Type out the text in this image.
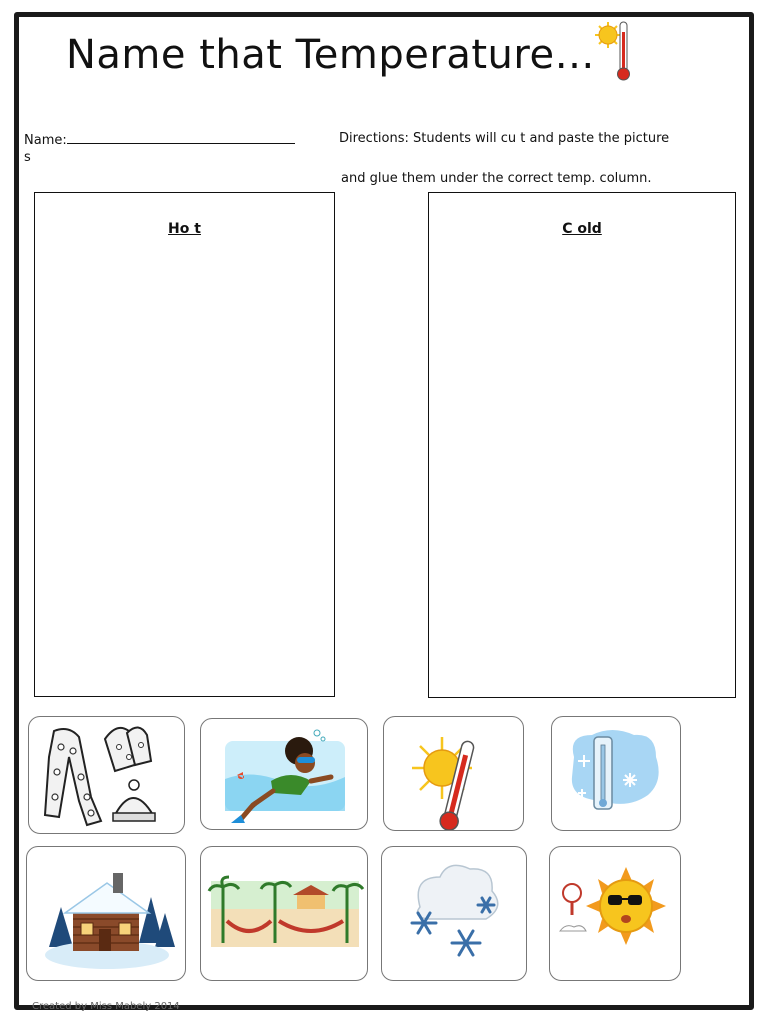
Name that Temperature…
Name:
s
Directions: Students will cu t and paste the picture
and glue them under the correct temp. column.
Ho t	C old
Created by Miss Mabely 2014
